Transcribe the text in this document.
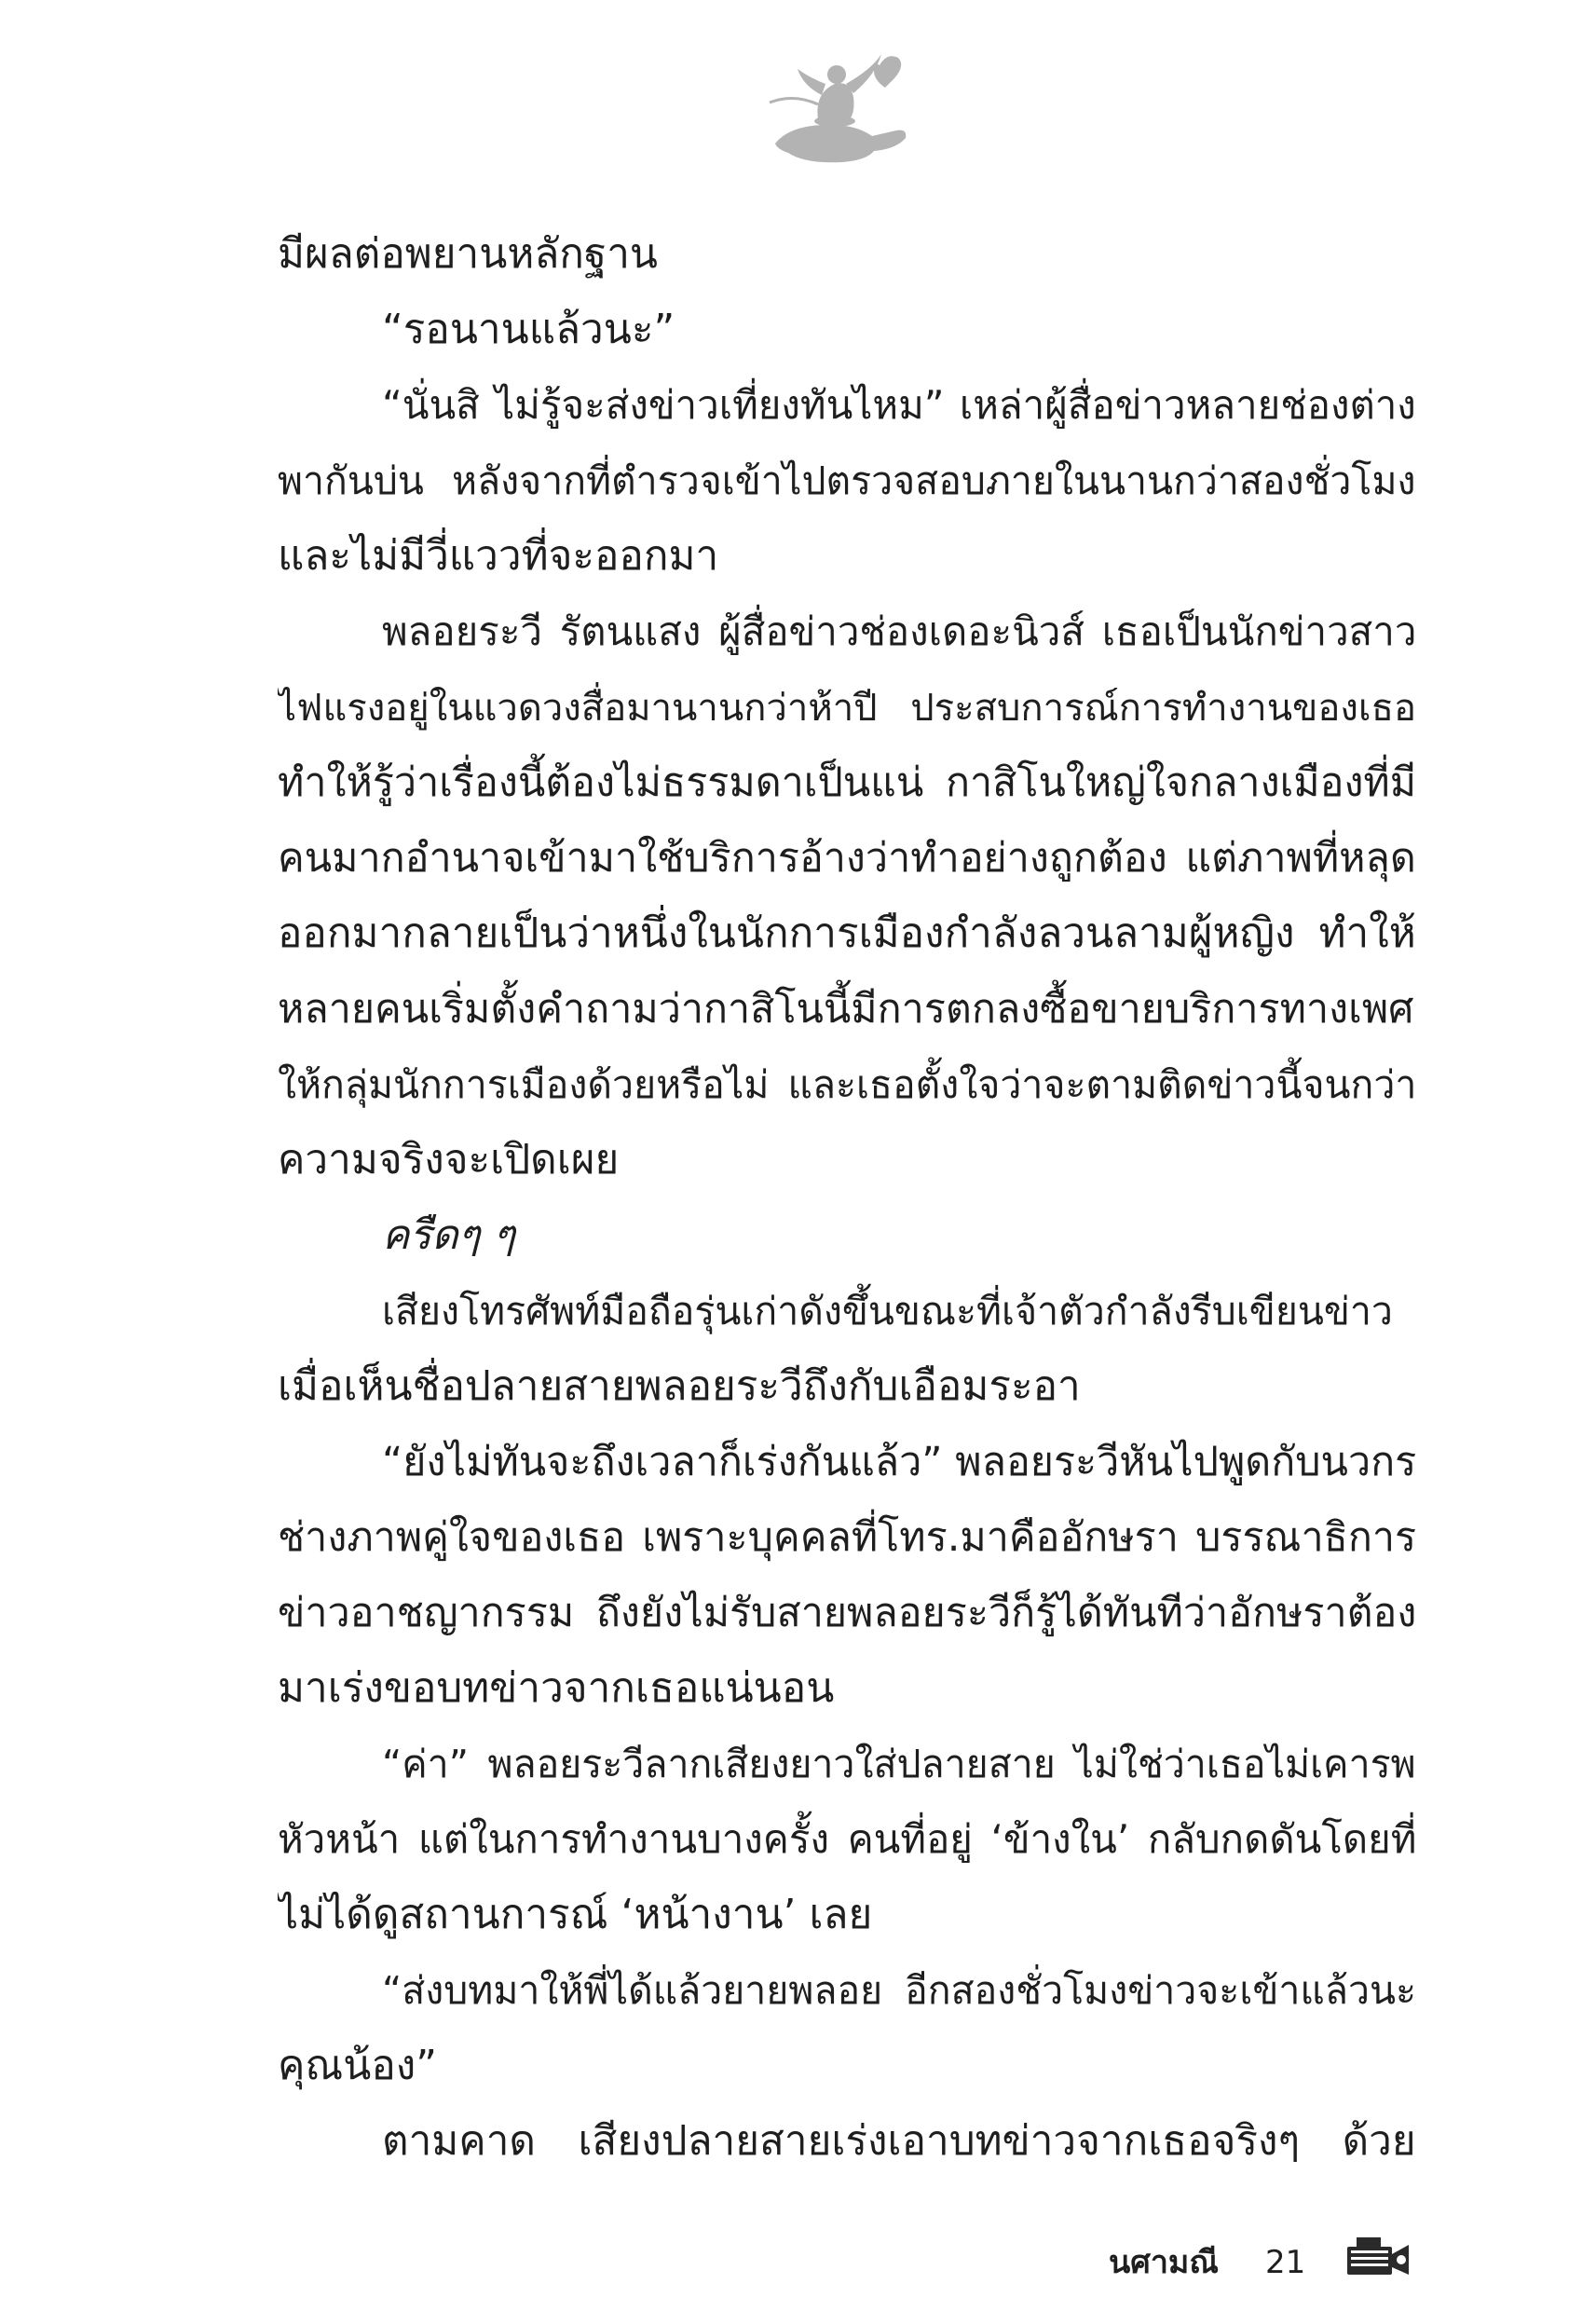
มีผลต่อพยานหลักฐาน
“รอนานแล้วนะ”
“นั่นสิ ไม่รู้จะส่งข่าวเที่ยงทันไหม” เหล่าผู้สื่อข่าวหลายช่องต่าง
พากันบ่น หลังจากที่ตำรวจเข้าไปตรวจสอบภายในนานกว่าสองชั่วโมง
และไม่มีวี่แววที่จะออกมา
พลอยระวี รัตนแสง ผู้สื่อข่าวช่องเดอะนิวส์ เธอเป็นนักข่าวสาว
ไฟแรงอยู่ในแวดวงสื่อมานานกว่าห้าปี ประสบการณ์การทำงานของเธอ
ทำให้รู้ว่าเรื่องนี้ต้องไม่ธรรมดาเป็นแน่ กาสิโนใหญ่ใจกลางเมืองที่มี
คนมากอำนาจเข้ามาใช้บริการอ้างว่าทำอย่างถูกต้อง แต่ภาพที่หลุด
ออกมากลายเป็นว่าหนึ่งในนักการเมืองกำลังลวนลามผู้หญิง ทำให้
หลายคนเริ่มตั้งคำถามว่ากาสิโนนี้มีการตกลงซื้อขายบริการทางเพศ
ให้กลุ่มนักการเมืองด้วยหรือไม่ และเธอตั้งใจว่าจะตามติดข่าวนี้จนกว่า
ความจริงจะเปิดเผย
ครืดๆ ๆ
เสียงโทรศัพท์มือถือรุ่นเก่าดังขึ้นขณะที่เจ้าตัวกำลังรีบเขียนข่าว
เมื่อเห็นชื่อปลายสายพลอยระวีถึงกับเอือมระอา
“ยังไม่ทันจะถึงเวลาก็เร่งกันแล้ว” พลอยระวีหันไปพูดกับนวกร
ช่างภาพคู่ใจของเธอ เพราะบุคคลที่โทร.มาคืออักษรา บรรณาธิการ
ข่าวอาชญากรรม ถึงยังไม่รับสายพลอยระวีก็รู้ได้ทันทีว่าอักษราต้อง
มาเร่งขอบทข่าวจากเธอแน่นอน
“ค่า” พลอยระวีลากเสียงยาวใส่ปลายสาย ไม่ใช่ว่าเธอไม่เคารพ
หัวหน้า แต่ในการทำงานบางครั้ง คนที่อยู่ ‘ข้างใน’ กลับกดดันโดยที่
ไม่ได้ดูสถานการณ์ ‘หน้างาน’ เลย
“ส่งบทมาให้พี่ได้แล้วยายพลอย อีกสองชั่วโมงข่าวจะเข้าแล้วนะ
คุณน้อง”
ตามคาด เสียงปลายสายเร่งเอาบทข่าวจากเธอจริงๆ ด้วย
นศามณี 21
